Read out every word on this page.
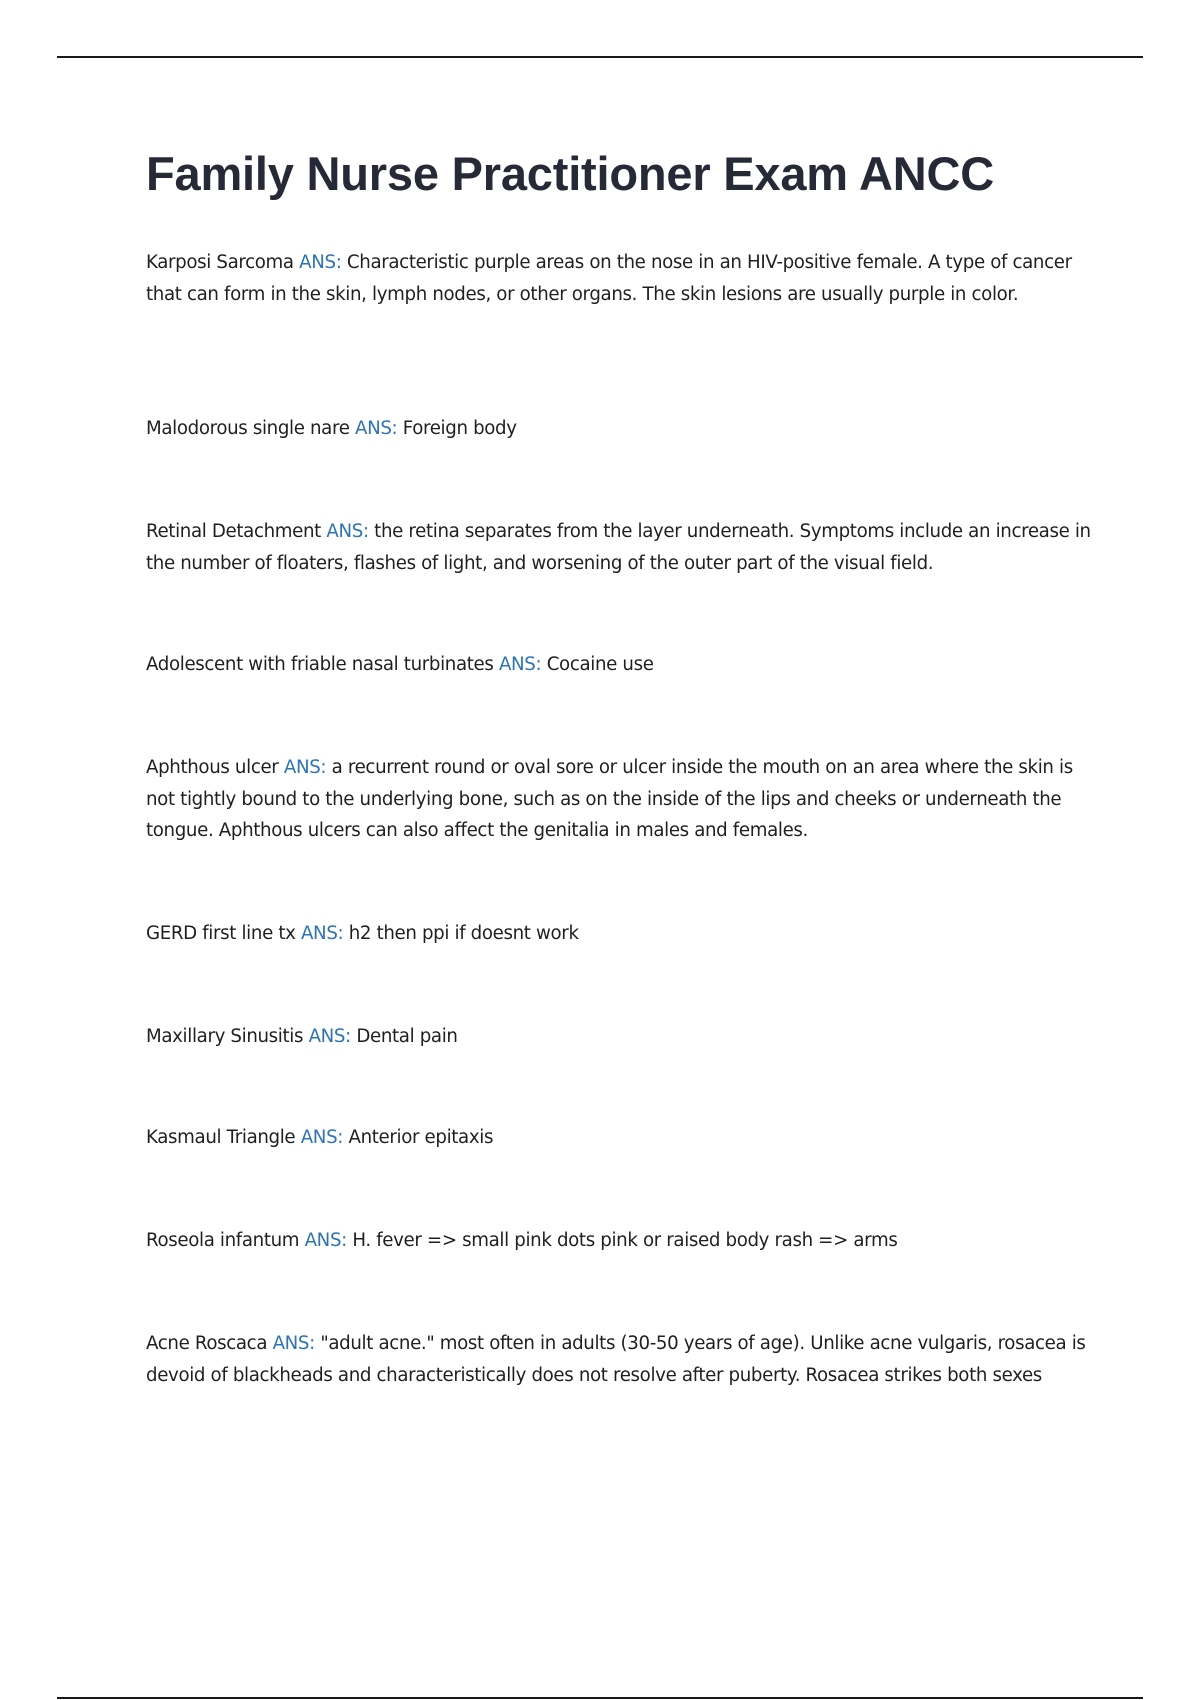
Family Nurse Practitioner Exam ANCC
Karposi Sarcoma ANS: Characteristic purple areas on the nose in an HIV-positive female. A type of cancer that can form in the skin, lymph nodes, or other organs. The skin lesions are usually purple in color.
Malodorous single nare ANS: Foreign body
Retinal Detachment ANS: the retina separates from the layer underneath. Symptoms include an increase in the number of floaters, flashes of light, and worsening of the outer part of the visual field.
Adolescent with friable nasal turbinates ANS: Cocaine use
Aphthous ulcer ANS: a recurrent round or oval sore or ulcer inside the mouth on an area where the skin is not tightly bound to the underlying bone, such as on the inside of the lips and cheeks or underneath the tongue. Aphthous ulcers can also affect the genitalia in males and females.
GERD first line tx ANS: h2 then ppi if doesnt work
Maxillary Sinusitis ANS: Dental pain
Kasmaul Triangle ANS: Anterior epitaxis
Roseola infantum ANS: H. fever => small pink dots pink or raised body rash => arms
Acne Roscaca ANS: "adult acne." most often in adults (30-50 years of age). Unlike acne vulgaris, rosacea is devoid of blackheads and characteristically does not resolve after puberty. Rosacea strikes both sexes
